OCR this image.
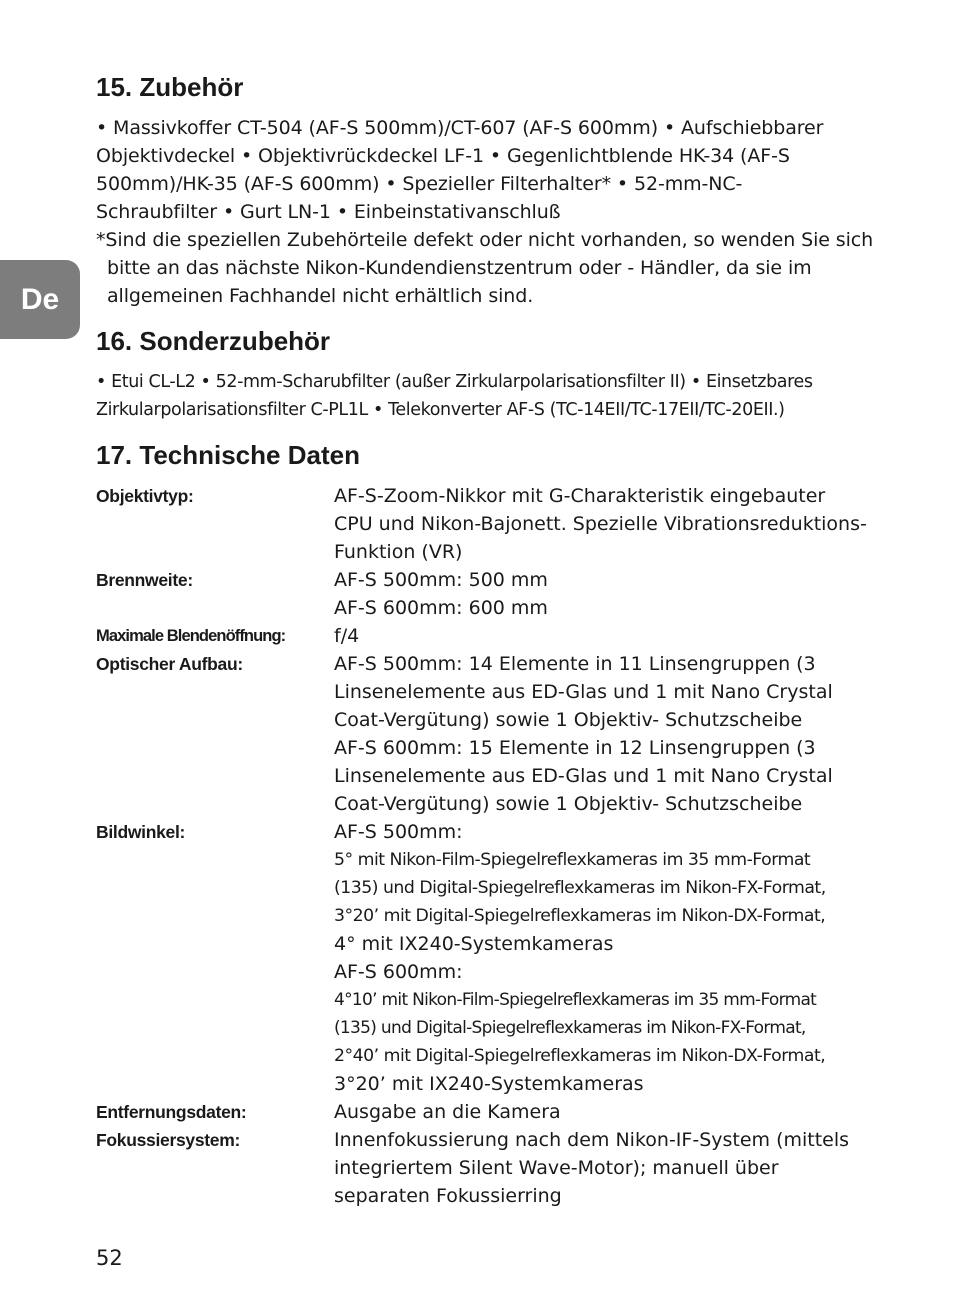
De
15. Zubehör
• Massivkoffer CT-504 (AF-S 500mm)/CT-607 (AF-S 600mm) • Aufschiebbarer
Objektivdeckel • Objektivrückdeckel LF-1 • Gegenlichtblende HK-34 (AF-S
500mm)/HK-35 (AF-S 600mm) • Spezieller Filterhalter* • 52-mm-NC-
Schraubfilter • Gurt LN-1 • Einbeinstativanschluß
*Sind die speziellen Zubehörteile defekt oder nicht vorhanden, so wenden Sie sich bitte an das nächste Nikon-Kundendienstzentrum oder - Händler, da sie im allgemeinen Fachhandel nicht erhältlich sind.
16. Sonderzubehör
• Etui CL-L2 • 52-mm-Scharubfilter (außer Zirkularpolarisationsfilter II) • Einsetzbares
Zirkularpolarisationsfilter C-PL1L • Telekonverter AF-S (TC-14EII/TC-17EII/TC-20EII.)
17. Technische Daten
Objektivtyp:	AF-S-Zoom-Nikkor mit G-Charakteristik eingebauter
CPU und Nikon-Bajonett. Spezielle Vibrationsreduktions-
Funktion (VR)
Brennweite:	AF-S 500mm: 500 mm
AF-S 600mm: 600 mm
Maximale Blendenöffnung:	f/4
Optischer Aufbau:	AF-S 500mm: 14 Elemente in 11 Linsengruppen (3
Linsenelemente aus ED-Glas und 1 mit Nano Crystal
Coat-Vergütung) sowie 1 Objektiv- Schutzscheibe
AF-S 600mm: 15 Elemente in 12 Linsengruppen (3
Linsenelemente aus ED-Glas und 1 mit Nano Crystal
Coat-Vergütung) sowie 1 Objektiv- Schutzscheibe
Bildwinkel:	AF-S 500mm:
5° mit Nikon-Film-Spiegelreflexkameras im 35 mm-Format
(135) und Digital-Spiegelreflexkameras im Nikon-FX-Format,
3°20’ mit Digital-Spiegelreflexkameras im Nikon-DX-Format,
4° mit IX240-Systemkameras
AF-S 600mm:
4°10’ mit Nikon-Film-Spiegelreflexkameras im 35 mm-Format
(135) und Digital-Spiegelreflexkameras im Nikon-FX-Format,
2°40’ mit Digital-Spiegelreflexkameras im Nikon-DX-Format,
3°20’ mit IX240-Systemkameras
Entfernungsdaten:	Ausgabe an die Kamera
Fokussiersystem:	Innenfokussierung nach dem Nikon-IF-System (mittels
integriertem Silent Wave-Motor); manuell über
separaten Fokussierring
52
